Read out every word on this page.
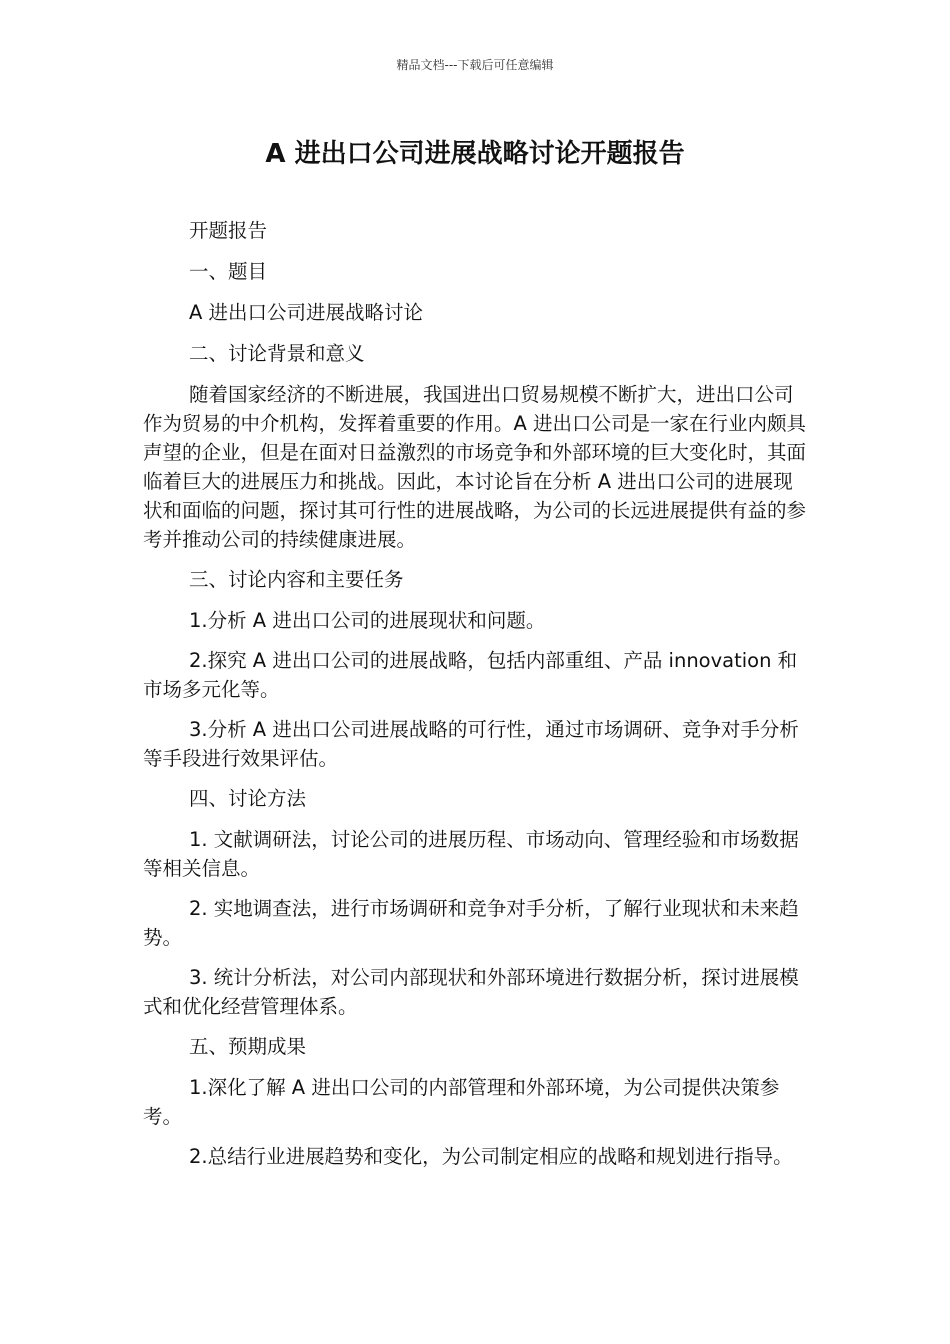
精品文档---下载后可任意编辑
A 进出口公司进展战略讨论开题报告

开题报告

一、题目

A 进出口公司进展战略讨论

二、讨论背景和意义

随着国家经济的不断进展，我国进出口贸易规模不断扩大，进出口公司作为贸易的中介机构，发挥着重要的作用。A 进出口公司是一家在行业内颇具声望的企业，但是在面对日益激烈的市场竞争和外部环境的巨大变化时，其面临着巨大的进展压力和挑战。因此，本讨论旨在分析 A 进出口公司的进展现状和面临的问题，探讨其可行性的进展战略，为公司的长远进展提供有益的参考并推动公司的持续健康进展。

三、讨论内容和主要任务

1.分析 A 进出口公司的进展现状和问题。

2.探究 A 进出口公司的进展战略，包括内部重组、产品 innovation 和市场多元化等。

3.分析 A 进出口公司进展战略的可行性，通过市场调研、竞争对手分析等手段进行效果评估。

四、讨论方法

1. 文献调研法，讨论公司的进展历程、市场动向、管理经验和市场数据等相关信息。

2. 实地调查法，进行市场调研和竞争对手分析，了解行业现状和未来趋势。

3. 统计分析法，对公司内部现状和外部环境进行数据分析，探讨进展模式和优化经营管理体系。

五、预期成果

1.深化了解 A 进出口公司的内部管理和外部环境，为公司提供决策参考。

2.总结行业进展趋势和变化，为公司制定相应的战略和规划进行指导。
